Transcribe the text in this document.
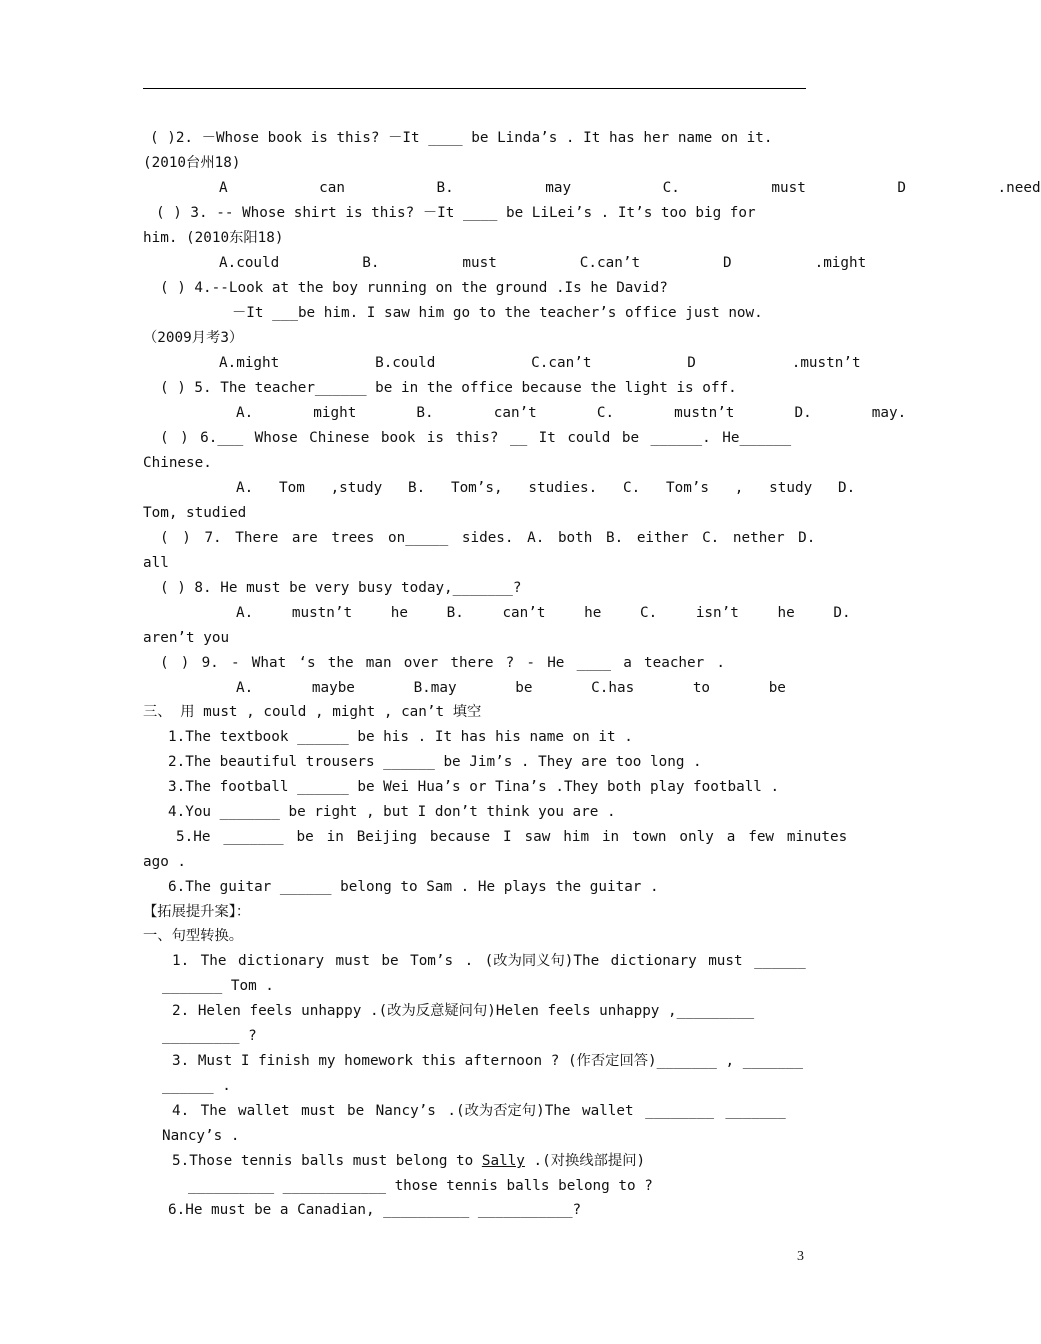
( )2. －Whose book is this? －It ____ be Linda’s . It has her name on it.

(2010台州18)

A can B. may C. must D .need

( ) 3. -- Whose shirt is this? －It ____ be LiLei’s . It’s too big for

him. (2010东阳18)

A.could B. must C.can’t D .might

( ) 4.--Look at the boy running on the ground .Is he David?

－It ___be him. I saw him go to the teacher’s office just now.

（2009月考3）

A.might B.could C.can’t D .mustn’t

( ) 5. The teacher______ be in the office because the light is off.

A. might B. can’t C. mustn’t D. may.

( ) 6.___ Whose Chinese book is this? __ It could be ______. He______

Chinese.

A. Tom ,study B. Tom’s, studies. C. Tom’s , study D.

Tom, studied

( ) 7. There are trees on_____ sides. A. both B. either C. nether D.

all

( ) 8. He must be very busy today,_______?

A. mustn’t he B. can’t he C. isn’t he D.

aren’t you

( ) 9. - What ‘s the man over there ? - He ____ a teacher .

A. maybe B.may be C.has to be

三、 用 must , could , might , can’t 填空

1.The textbook ______ be his . It has his name on it .

2.The beautiful trousers ______ be Jim’s . They are too long .

3.The football ______ be Wei Hua’s or Tina’s .They both play football .

4.You _______ be right , but I don’t think you are .

5.He _______ be in Beijing because I saw him in town only a few minutes

ago .

6.The guitar ______ belong to Sam . He plays the guitar .

【拓展提升案】：

一、句型转换。

1. The dictionary must be Tom’s . (改为同义句)The dictionary must ______

_______ Tom .

2. Helen feels unhappy .(改为反意疑问句)Helen feels unhappy ,_________

_________ ?

3. Must I finish my homework this afternoon ? (作否定回答)_______ , _______

______ .

4. The wallet must be Nancy’s .(改为否定句)The wallet ________ _______

Nancy’s .

5.Those tennis balls must belong to Sally .(对换线部提问)

__________ ____________ those tennis balls belong to ?

6.He must be a Canadian, __________ ___________?

3
